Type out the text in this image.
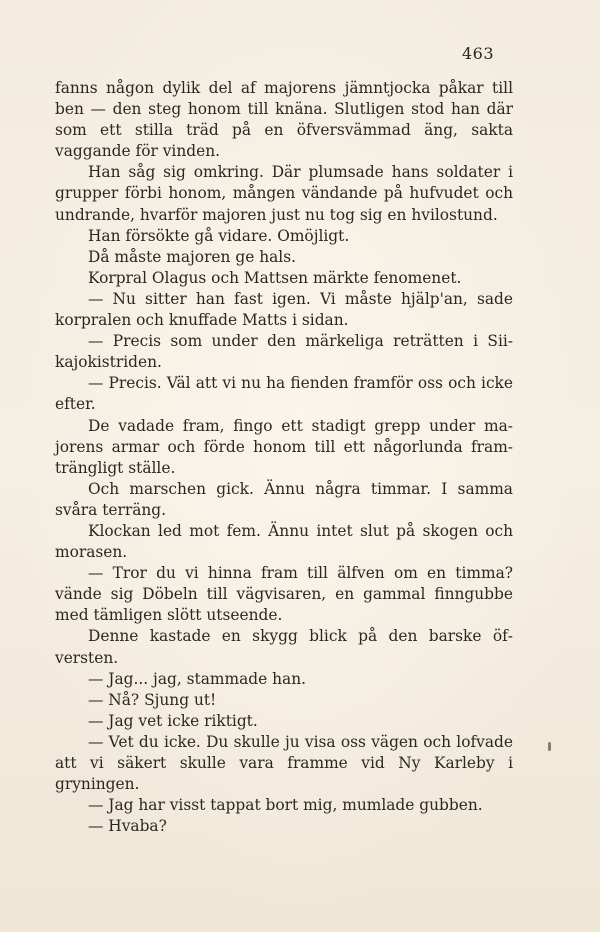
463

fanns någon dylik del af majorens jämntjocka påkar till ben — den steg honom till knäna. Slutligen stod han där som ett stilla träd på en öfversvämmad äng, sakta vaggande för vinden.

Han såg sig omkring. Där plumsade hans soldater i grupper förbi honom, mången vändande på hufvudet och undrande, hvarför majoren just nu tog sig en hvilostund.

Han försökte gå vidare. Omöjligt.

Då måste majoren ge hals.

Korpral Olagus och Mattsen märkte fenomenet.

— Nu sitter han fast igen. Vi måste hjälp'an, sade korpralen och knuffade Matts i sidan.

— Precis som under den märkeliga reträtten i Siikajokistriden.

— Precis. Väl att vi nu ha fienden framför oss och icke efter.

De vadade fram, fingo ett stadigt grepp under majorens armar och förde honom till ett någorlunda framträngligt ställe.

Och marschen gick. Ännu några timmar. I samma svåra terräng.

Klockan led mot fem. Ännu intet slut på skogen och morasen.

— Tror du vi hinna fram till älfven om en timma? vände sig Döbeln till vägvisaren, en gammal finngubbe med tämligen slött utseende.

Denne kastade en skygg blick på den barske öfversten.

— Jag... jag, stammade han.

— Nå? Sjung ut!

— Jag vet icke riktigt.

— Vet du icke. Du skulle ju visa oss vägen och lofvade att vi säkert skulle vara framme vid Ny Karleby i gryningen.

— Jag har visst tappat bort mig, mumlade gubben.

— Hvaba?
